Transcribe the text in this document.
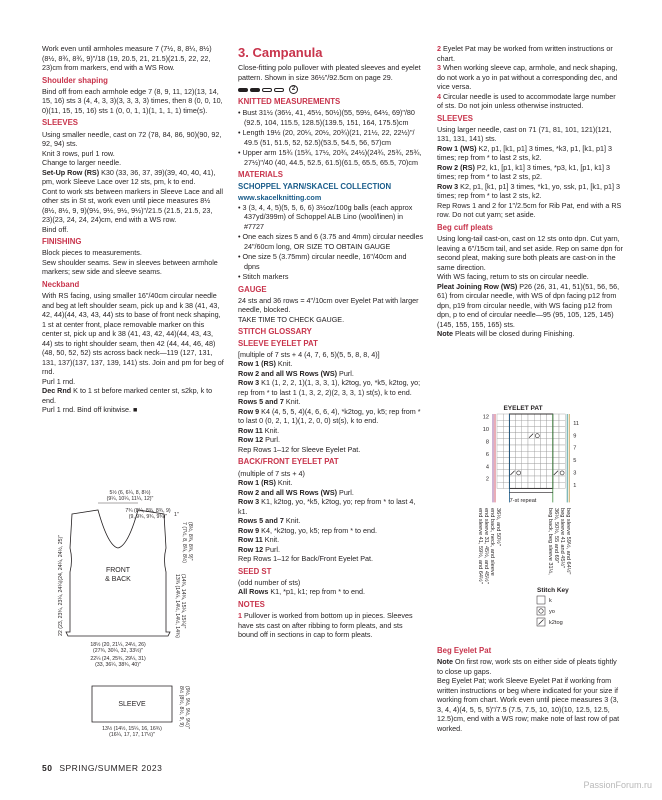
Work even until armholes measure 7 (7½, 8, 8¼, 8½)(8½, 8¾, 8¾, 9)"/18 (19, 20.5, 21, 21.5)(21.5, 22, 22, 23)cm from markers, end with a WS Row.

Shoulder shaping

Bind off from each armhole edge 7 (8, 9, 11, 12)(13, 14, 15, 16) sts 3 (4, 4, 3, 3)(3, 3, 3, 3) times, then 8 (0, 0, 10, 0)(11, 15, 15, 16) sts 1 (0, 0, 1, 1)(1, 1, 1, 1) time(s).

SLEEVES

Using smaller needle, cast on 72 (78, 84, 86, 90)(90, 92, 92, 94) sts.

Knit 3 rows, purl 1 row.

Change to larger needle.

Set-Up Row (RS) K30 (33, 36, 37, 39)(39, 40, 40, 41), pm, work Sleeve Lace over 12 sts, pm, k to end.

Cont to work sts between markers in Sleeve Lace and all other sts in St st, work even until piece measures 8½ (8½, 8½, 9, 9)(9½, 9½, 9½, 9½)"/21.5 (21.5, 21.5, 23, 23)(23, 24, 24, 24)cm, end with a WS row.

Bind off.

FINISHING

Block pieces to measurements.

Sew shoulder seams. Sew in sleeves between armhole markers; sew side and sleeve seams.

Neckband

With RS facing, using smaller 16"/40cm circular needle and beg at left shoulder seam, pick up and k 38 (41, 43, 42, 44)(44, 43, 43, 44) sts to base of front neck shaping, 1 st at center front, place removable marker on this center st, pick up and k 38 (41, 43, 42, 44)(44, 43, 43, 44) sts to right shoulder seam, then 42 (44, 44, 46, 48)(48, 50, 52, 52) sts across back neck—119 (127, 131, 131, 137)(137, 137, 139, 141) sts. Join and pm for beg of rnd.

Purl 1 rnd.

Dec Rnd K to 1 st before marked center st, s2kp, k to end.

Purl 1 rnd. Bind off knitwise. ■

FRONT
& BACK
5½ (6, 6¼, 8, 8½)
(9¼, 10¼, 11¼, 12)"
7¾ (8¼, 8¾, 8¾, 9)
(9, 9¾, 9¾, 9¾)" 1"
7 (7½, 8, 8¼, 8½) (8½, 8¾, 8¾, 9)"
13¾ (14¼, 14½, 14½, 14¾) (14¾, 14¾, 15¼, 15¼)"
22 (23, 23¾, 23¼, 24¼)(24, 24¼, 24½, 25)"
18½ (20, 21¼, 24½, 26)
(27¾, 30¼, 32, 33½)"
22¼ (24, 25¾, 29¼, 31)
(33, 36¼, 38¾, 40)"
SLEEVE	8½ (8½, 8½, 9, 9) (9½, 9½, 9½, 9½)"
13½ (14½, 15¼, 16, 16¾)
(16¼, 17, 17, 17½)"
3. Campanula

Close-fitting polo pullover with pleated sleeves and eyelet pattern. Shown in size 36½"/92.5cm on page 29.

2
KNITTED MEASUREMENTS

• Bust 31½ (36½, 41, 45½, 50½)(55, 59½, 64½, 69)"/80 (92.5, 104, 115.5, 128.5)(139.5, 151, 164, 175.5)cm

• Length 19½ (20, 20¼, 20½, 20¾)(21, 21½, 22, 22½)"/ 49.5 (51, 51.5, 52, 52.5)(53.5, 54.5, 56, 57)cm

• Upper arm 15¾ (15¾, 17½, 20¾, 24½)(24¾, 25¾, 25¾, 27½)"/40 (40, 44.5, 52.5, 61.5)(61.5, 65.5, 65.5, 70)cm

MATERIALS
SCHOPPEL YARN/SKACEL COLLECTION
www.skacelknitting.com

• 3 (3, 4, 4, 5)(5, 5, 6, 6) 3½oz/100g balls (each approx 437yd/399m) of Schoppel ALB Lino (wool/linen) in #7727

• One each sizes 5 and 6 (3.75 and 4mm) circular needles 24"/60cm long, OR SIZE TO OBTAIN GAUGE

• One size 5 (3.75mm) circular needle, 16"/40cm and dpns

• Stitch markers

GAUGE

24 sts and 36 rows = 4"/10cm over Eyelet Pat with larger needle, blocked.

TAKE TIME TO CHECK GAUGE.

STITCH GLOSSARY
SLEEVE EYELET PAT

[multiple of 7 sts + 4 (4, 7, 6, 5)(5, 5, 8, 8, 4)]

Row 1 (RS) Knit.

Row 2 and all WS Rows (WS) Purl.

Row 3 K1 (1, 2, 2, 1)(1, 3, 3, 1), k2tog, yo, *k5, k2tog, yo; rep from * to last 1 (1, 3, 2, 2)(2, 3, 3, 1) st(s), k to end.

Rows 5 and 7 Knit.

Row 9 K4 (4, 5, 5, 4)(4, 6, 6, 4), *k2tog, yo, k5; rep from * to last 0 (0, 2, 1, 1)(1, 2, 0, 0) st(s), k to end.

Row 11 Knit.

Row 12 Purl.

Rep Rows 1–12 for Sleeve Eyelet Pat.

BACK/FRONT EYELET PAT

(multiple of 7 sts + 4)

Row 1 (RS) Knit.

Row 2 and all WS Rows (WS) Purl.

Row 3 K1, k2tog, yo, *k5, k2tog, yo; rep from * to last 4, k1.

Rows 5 and 7 Knit.

Row 9 K4, *k2tog, yo, k5; rep from * to end.

Row 11 Knit.

Row 12 Purl.

Rep Rows 1–12 for Back/Front Eyelet Pat.

SEED ST

(odd number of sts)

All Rows K1, *p1, k1; rep from * to end.

NOTES

1 Pullover is worked from bottom up in pieces. Sleeves have sts cast on after ribbing to form pleats, and sts bound off in sections in cap to form pleats.

2 Eyelet Pat may be worked from written instructions or chart.

3 When working sleeve cap, armhole, and neck shaping, do not work a yo in pat without a corresponding dec, and vice versa.

4 Circular needle is used to accommodate large number of sts. Do not join unless otherwise instructed.

SLEEVES

Using larger needle, cast on 71 (71, 81, 101, 121)(121, 131, 131, 141) sts.

Row 1 (WS) K2, p1, [k1, p1] 3 times, *k3, p1, [k1, p1] 3 times; rep from * to last 2 sts, k2.

Row 2 (RS) P2, k1, [p1, k1] 3 times, *p3, k1, [p1, k1] 3 times; rep from * to last 2 sts, p2.

Row 3 K2, p1, [k1, p1] 3 times, *k1, yo, ssk, p1, [k1, p1] 3 times; rep from * to last 2 sts, k2.

Rep Rows 1 and 2 for 1"/2.5cm for Rib Pat, end with a RS row. Do not cut yarn; set aside.

Beg cuff pleats

Using long-tail cast-on, cast on 12 sts onto dpn. Cut yarn, leaving a 6"/15cm tail, and set aside. Rep on same dpn for second pleat, making sure both pleats are cast-on in the same direction.

With WS facing, return to sts on circular needle.

Pleat Joining Row (WS) P26 (26, 31, 41, 51)(51, 56, 56, 61) from circular needle, with WS of dpn facing p12 from dpn, p19 from circular needle, with WS facing p12 from dpn, p to end of circular needle—95 (95, 105, 125, 145)(145, 155, 155, 165) sts.

Note Pleats will be closed during Finishing.

EYELET PAT
12
10
8
6
4
2
11
9
7
5
3
1
7-st repeat
end sleeve 41, 59½, and 64½" end sleeve 31, 45½, and 45½" end back, neck, and sleeve 36½, and 50½"	beg back, beg sleeve 31½, 36½, 50½, 55 and 69" beg sleeve 41 and 45½" beg sleeve 59½, and 64½"
Stitch Key
k
yo
k2tog
Beg Eyelet Pat

Note On first row, work sts on either side of pleats tightly to close up gaps.

Beg Eyelet Pat; work Sleeve Eyelet Pat if working from written instructions or beg where indicated for your size if working from chart. Work even until piece measures 3 (3, 3, 4, 4)(4, 5, 5, 5)"/7.5 (7.5, 7.5, 10, 10)(10, 12.5, 12.5, 12.5)cm, end with a WS row; make note of last row of pat worked.

50 SPRING/SUMMER 2023
PassionForum.ru
